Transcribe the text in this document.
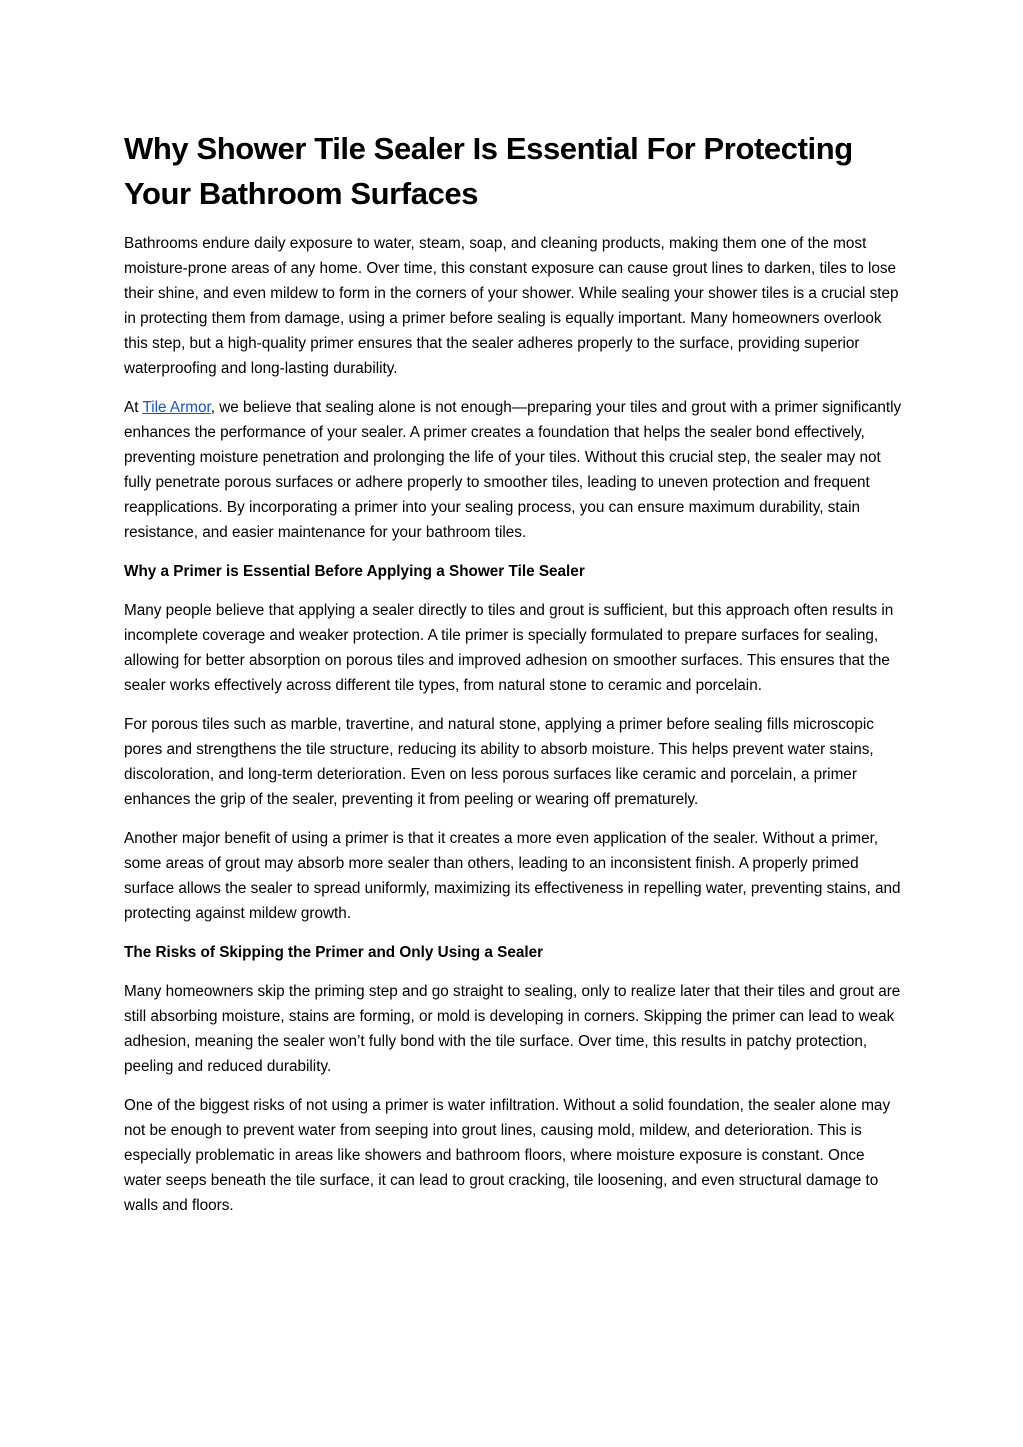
Why Shower Tile Sealer Is Essential For Protecting Your Bathroom Surfaces

Bathrooms endure daily exposure to water, steam, soap, and cleaning products, making them one of the most moisture-prone areas of any home. Over time, this constant exposure can cause grout lines to darken, tiles to lose their shine, and even mildew to form in the corners of your shower. While sealing your shower tiles is a crucial step in protecting them from damage, using a primer before sealing is equally important. Many homeowners overlook this step, but a high-quality primer ensures that the sealer adheres properly to the surface, providing superior waterproofing and long-lasting durability.

At Tile Armor, we believe that sealing alone is not enough—preparing your tiles and grout with a primer significantly enhances the performance of your sealer. A primer creates a foundation that helps the sealer bond effectively, preventing moisture penetration and prolonging the life of your tiles. Without this crucial step, the sealer may not fully penetrate porous surfaces or adhere properly to smoother tiles, leading to uneven protection and frequent reapplications. By incorporating a primer into your sealing process, you can ensure maximum durability, stain resistance, and easier maintenance for your bathroom tiles.

Why a Primer is Essential Before Applying a Shower Tile Sealer

Many people believe that applying a sealer directly to tiles and grout is sufficient, but this approach often results in incomplete coverage and weaker protection. A tile primer is specially formulated to prepare surfaces for sealing, allowing for better absorption on porous tiles and improved adhesion on smoother surfaces. This ensures that the sealer works effectively across different tile types, from natural stone to ceramic and porcelain.

For porous tiles such as marble, travertine, and natural stone, applying a primer before sealing fills microscopic pores and strengthens the tile structure, reducing its ability to absorb moisture. This helps prevent water stains, discoloration, and long-term deterioration. Even on less porous surfaces like ceramic and porcelain, a primer enhances the grip of the sealer, preventing it from peeling or wearing off prematurely.

Another major benefit of using a primer is that it creates a more even application of the sealer. Without a primer, some areas of grout may absorb more sealer than others, leading to an inconsistent finish. A properly primed surface allows the sealer to spread uniformly, maximizing its effectiveness in repelling water, preventing stains, and protecting against mildew growth.

The Risks of Skipping the Primer and Only Using a Sealer

Many homeowners skip the priming step and go straight to sealing, only to realize later that their tiles and grout are still absorbing moisture, stains are forming, or mold is developing in corners. Skipping the primer can lead to weak adhesion, meaning the sealer won’t fully bond with the tile surface. Over time, this results in patchy protection, peeling and reduced durability.

One of the biggest risks of not using a primer is water infiltration. Without a solid foundation, the sealer alone may not be enough to prevent water from seeping into grout lines, causing mold, mildew, and deterioration. This is especially problematic in areas like showers and bathroom floors, where moisture exposure is constant. Once water seeps beneath the tile surface, it can lead to grout cracking, tile loosening, and even structural damage to walls and floors.
